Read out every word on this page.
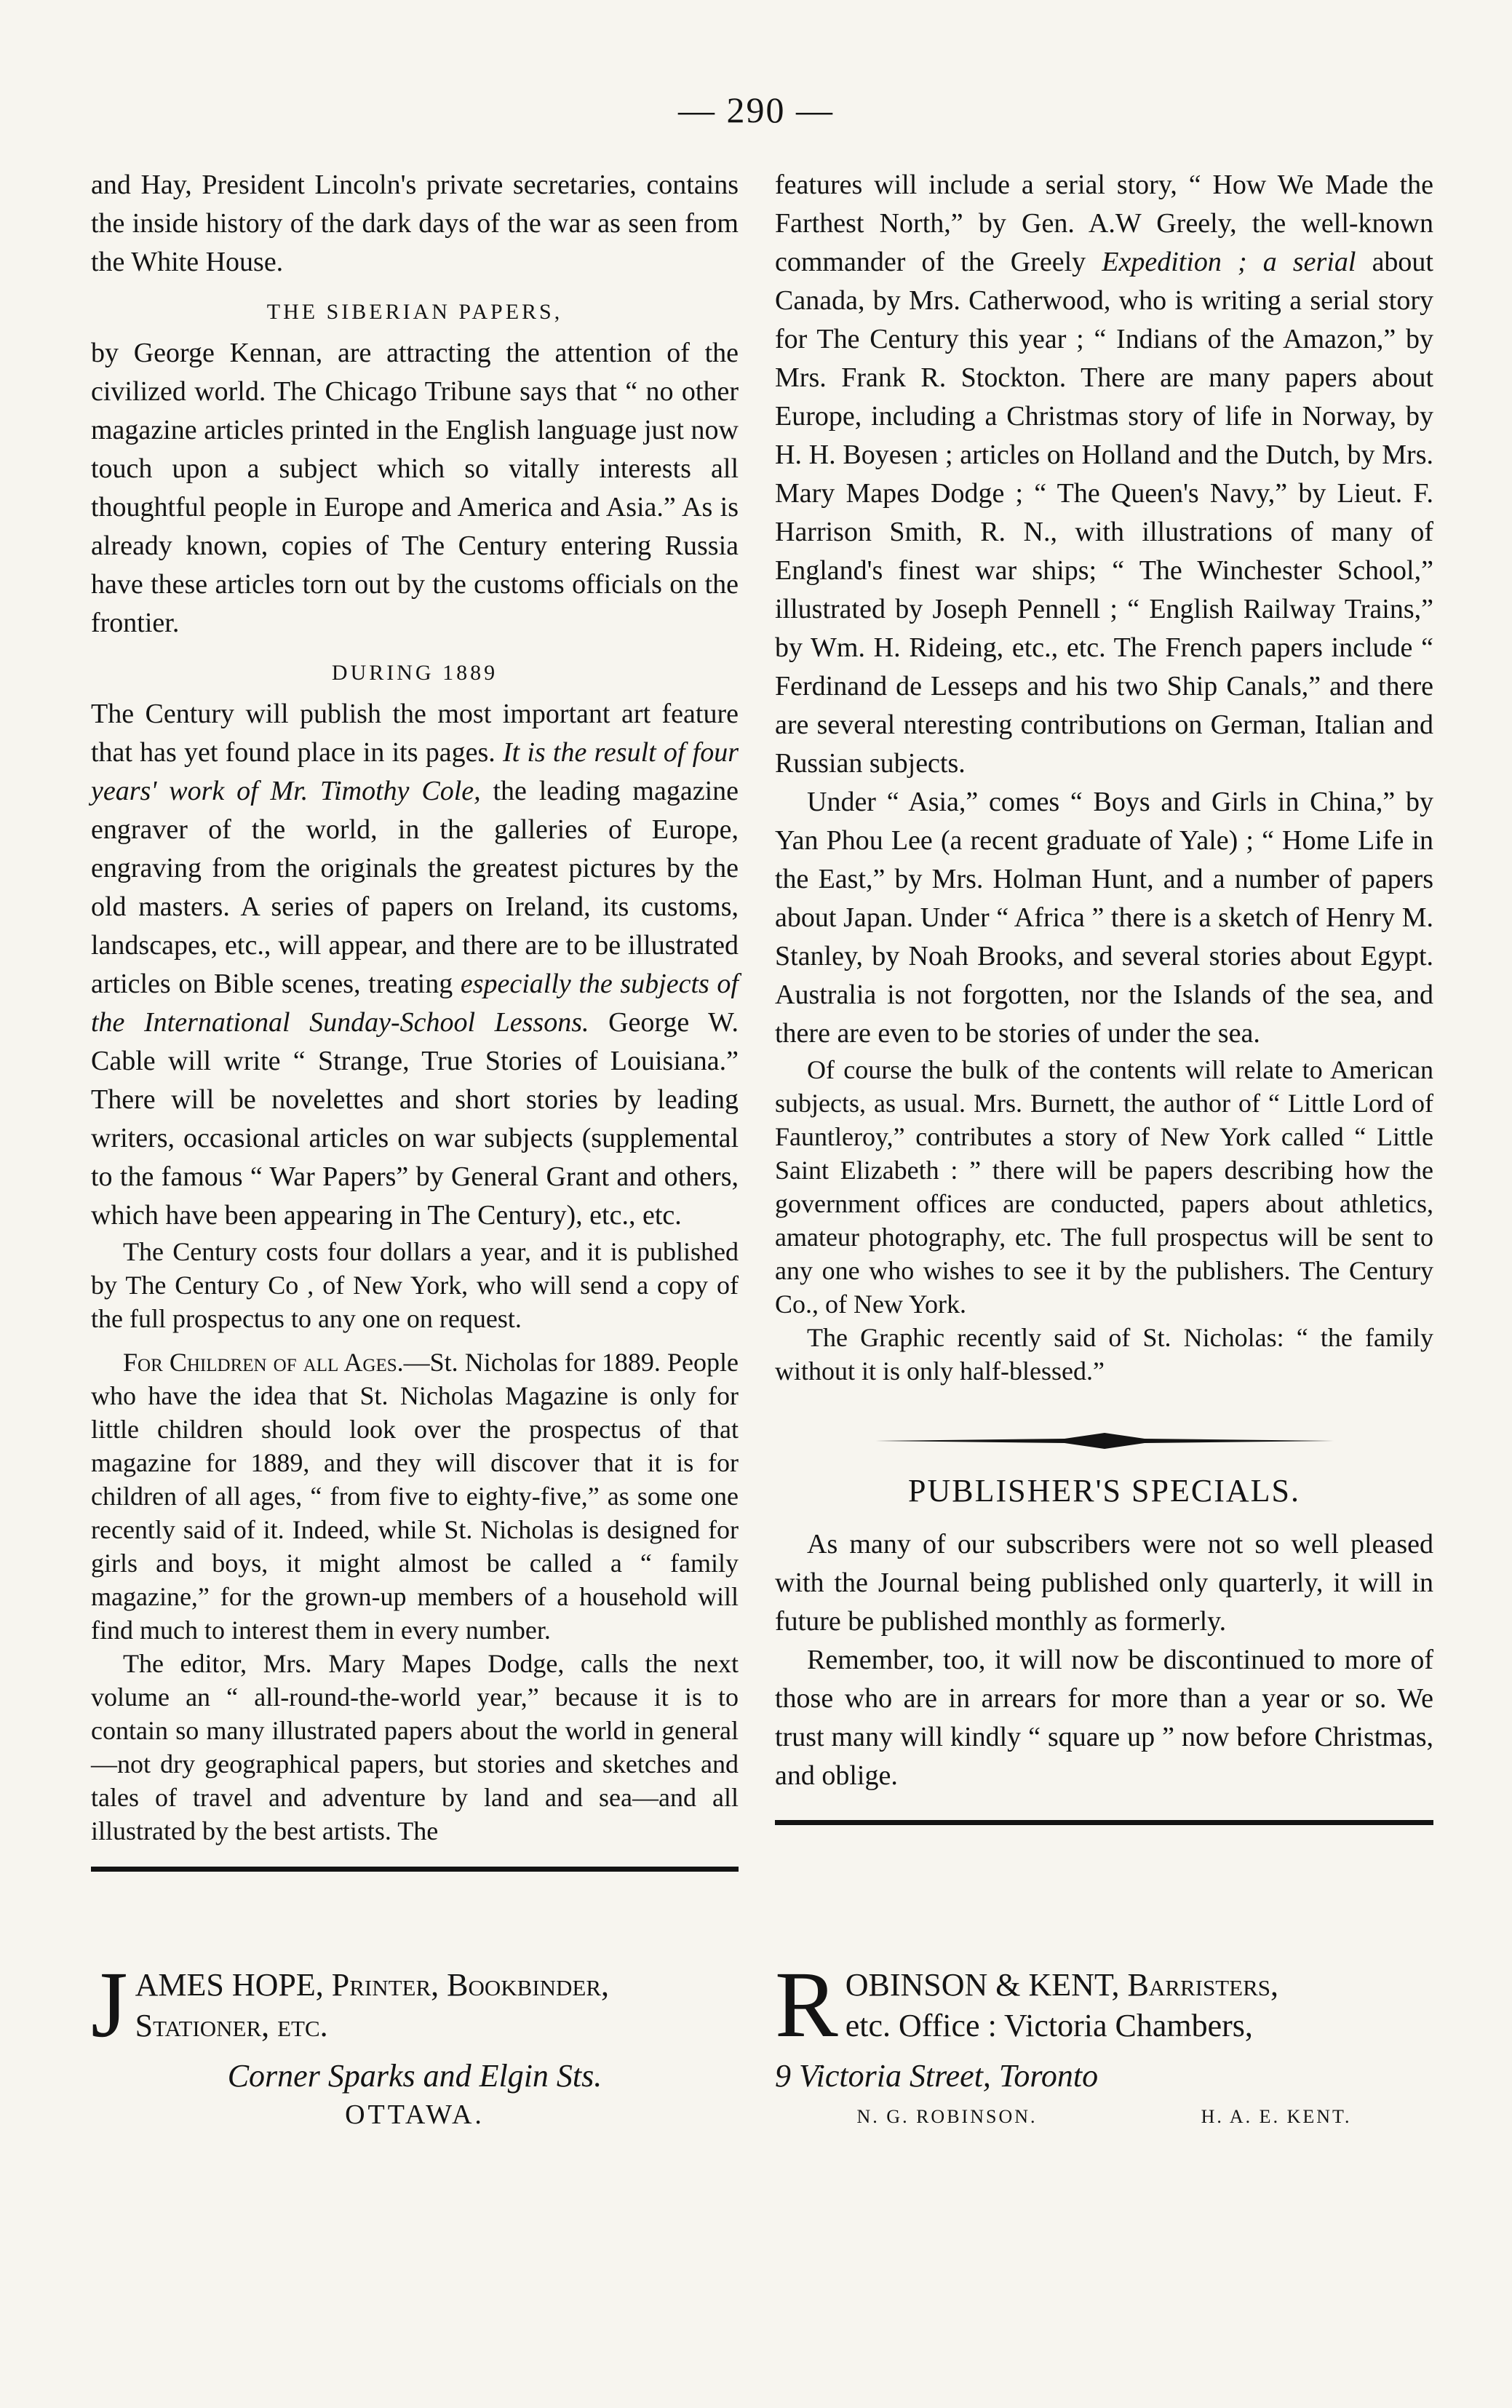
— 290 —

and Hay, President Lincoln's private secretaries, contains the inside history of the dark days of the war as seen from the White House.

THE SIBERIAN PAPERS,

by George Kennan, are attracting the attention of the civilized world. The Chicago Tribune says that “ no other magazine articles printed in the English language just now touch upon a subject which so vitally interests all thoughtful people in Europe and America and Asia.” As is already known, copies of The Century entering Russia have these articles torn out by the customs officials on the frontier.

DURING 1889

The Century will publish the most important art feature that has yet found place in its pages. It is the result of four years' work of Mr. Timothy Cole, the leading magazine engraver of the world, in the galleries of Europe, engraving from the originals the greatest pictures by the old masters. A series of papers on Ireland, its customs, landscapes, etc., will appear, and there are to be illustrated articles on Bible scenes, treating especially the subjects of the International Sunday-School Lessons. George W. Cable will write “ Strange, True Stories of Louisiana.” There will be novelettes and short stories by leading writers, occasional articles on war subjects (supplemental to the famous “ War Papers” by General Grant and others, which have been appearing in The Century), etc., etc.

The Century costs four dollars a year, and it is published by The Century Co , of New York, who will send a copy of the full prospectus to any one on request.

For Children of all Ages.—St. Nicholas for 1889. People who have the idea that St. Nicholas Magazine is only for little children should look over the prospectus of that magazine for 1889, and they will discover that it is for children of all ages, “ from five to eighty-five,” as some one recently said of it. Indeed, while St. Nicholas is designed for girls and boys, it might almost be called a “ family magazine,” for the grown-up members of a household will find much to interest them in every number.

The editor, Mrs. Mary Mapes Dodge, calls the next volume an “ all-round-the-world year,” because it is to contain so many illustrated papers about the world in general —not dry geographical papers, but stories and sketches and tales of travel and adventure by land and sea—and all illustrated by the best artists. The

features will include a serial story, “ How We Made the Farthest North,” by Gen. A.W Greely, the well-known commander of the Greely Expedition ; a serial about Canada, by Mrs. Catherwood, who is writing a serial story for The Century this year ; “ Indians of the Amazon,” by Mrs. Frank R. Stockton. There are many papers about Europe, including a Christmas story of life in Norway, by H. H. Boyesen ; articles on Holland and the Dutch, by Mrs. Mary Mapes Dodge ; “ The Queen's Navy,” by Lieut. F. Harrison Smith, R. N., with illustrations of many of England's finest war ships; “ The Winchester School,” illustrated by Joseph Pennell ; “ English Railway Trains,” by Wm. H. Rideing, etc., etc. The French papers include “ Ferdinand de Lesseps and his two Ship Canals,” and there are several nteresting contributions on German, Italian and Russian subjects.

Under “ Asia,” comes “ Boys and Girls in China,” by Yan Phou Lee (a recent graduate of Yale) ; “ Home Life in the East,” by Mrs. Holman Hunt, and a number of papers about Japan. Under “ Africa ” there is a sketch of Henry M. Stanley, by Noah Brooks, and several stories about Egypt. Australia is not forgotten, nor the Islands of the sea, and there are even to be stories of under the sea.

Of course the bulk of the contents will relate to American subjects, as usual. Mrs. Burnett, the author of “ Little Lord of Fauntleroy,” contributes a story of New York called “ Little Saint Elizabeth : ” there will be papers describing how the government offices are conducted, papers about athletics, amateur photography, etc. The full prospectus will be sent to any one who wishes to see it by the publishers. The Century Co., of New York.

The Graphic recently said of St. Nicholas: “ the family without it is only half-blessed.”

PUBLISHER'S SPECIALS.

As many of our subscribers were not so well pleased with the Journal being published only quarterly, it will in future be published monthly as formerly.

Remember, too, it will now be discontinued to more of those who are in arrears for more than a year or so. We trust many will kindly “ square up ” now before Christmas, and oblige.

J AMES HOPE, Printer, Bookbinder,
Stationer, etc.
Corner Sparks and Elgin Sts.
OTTAWA.
R OBINSON & KENT, Barristers,
etc. Office : Victoria Chambers,
9 Victoria Street, Toronto
N. G. ROBINSON.	H. A. E. KENT.
